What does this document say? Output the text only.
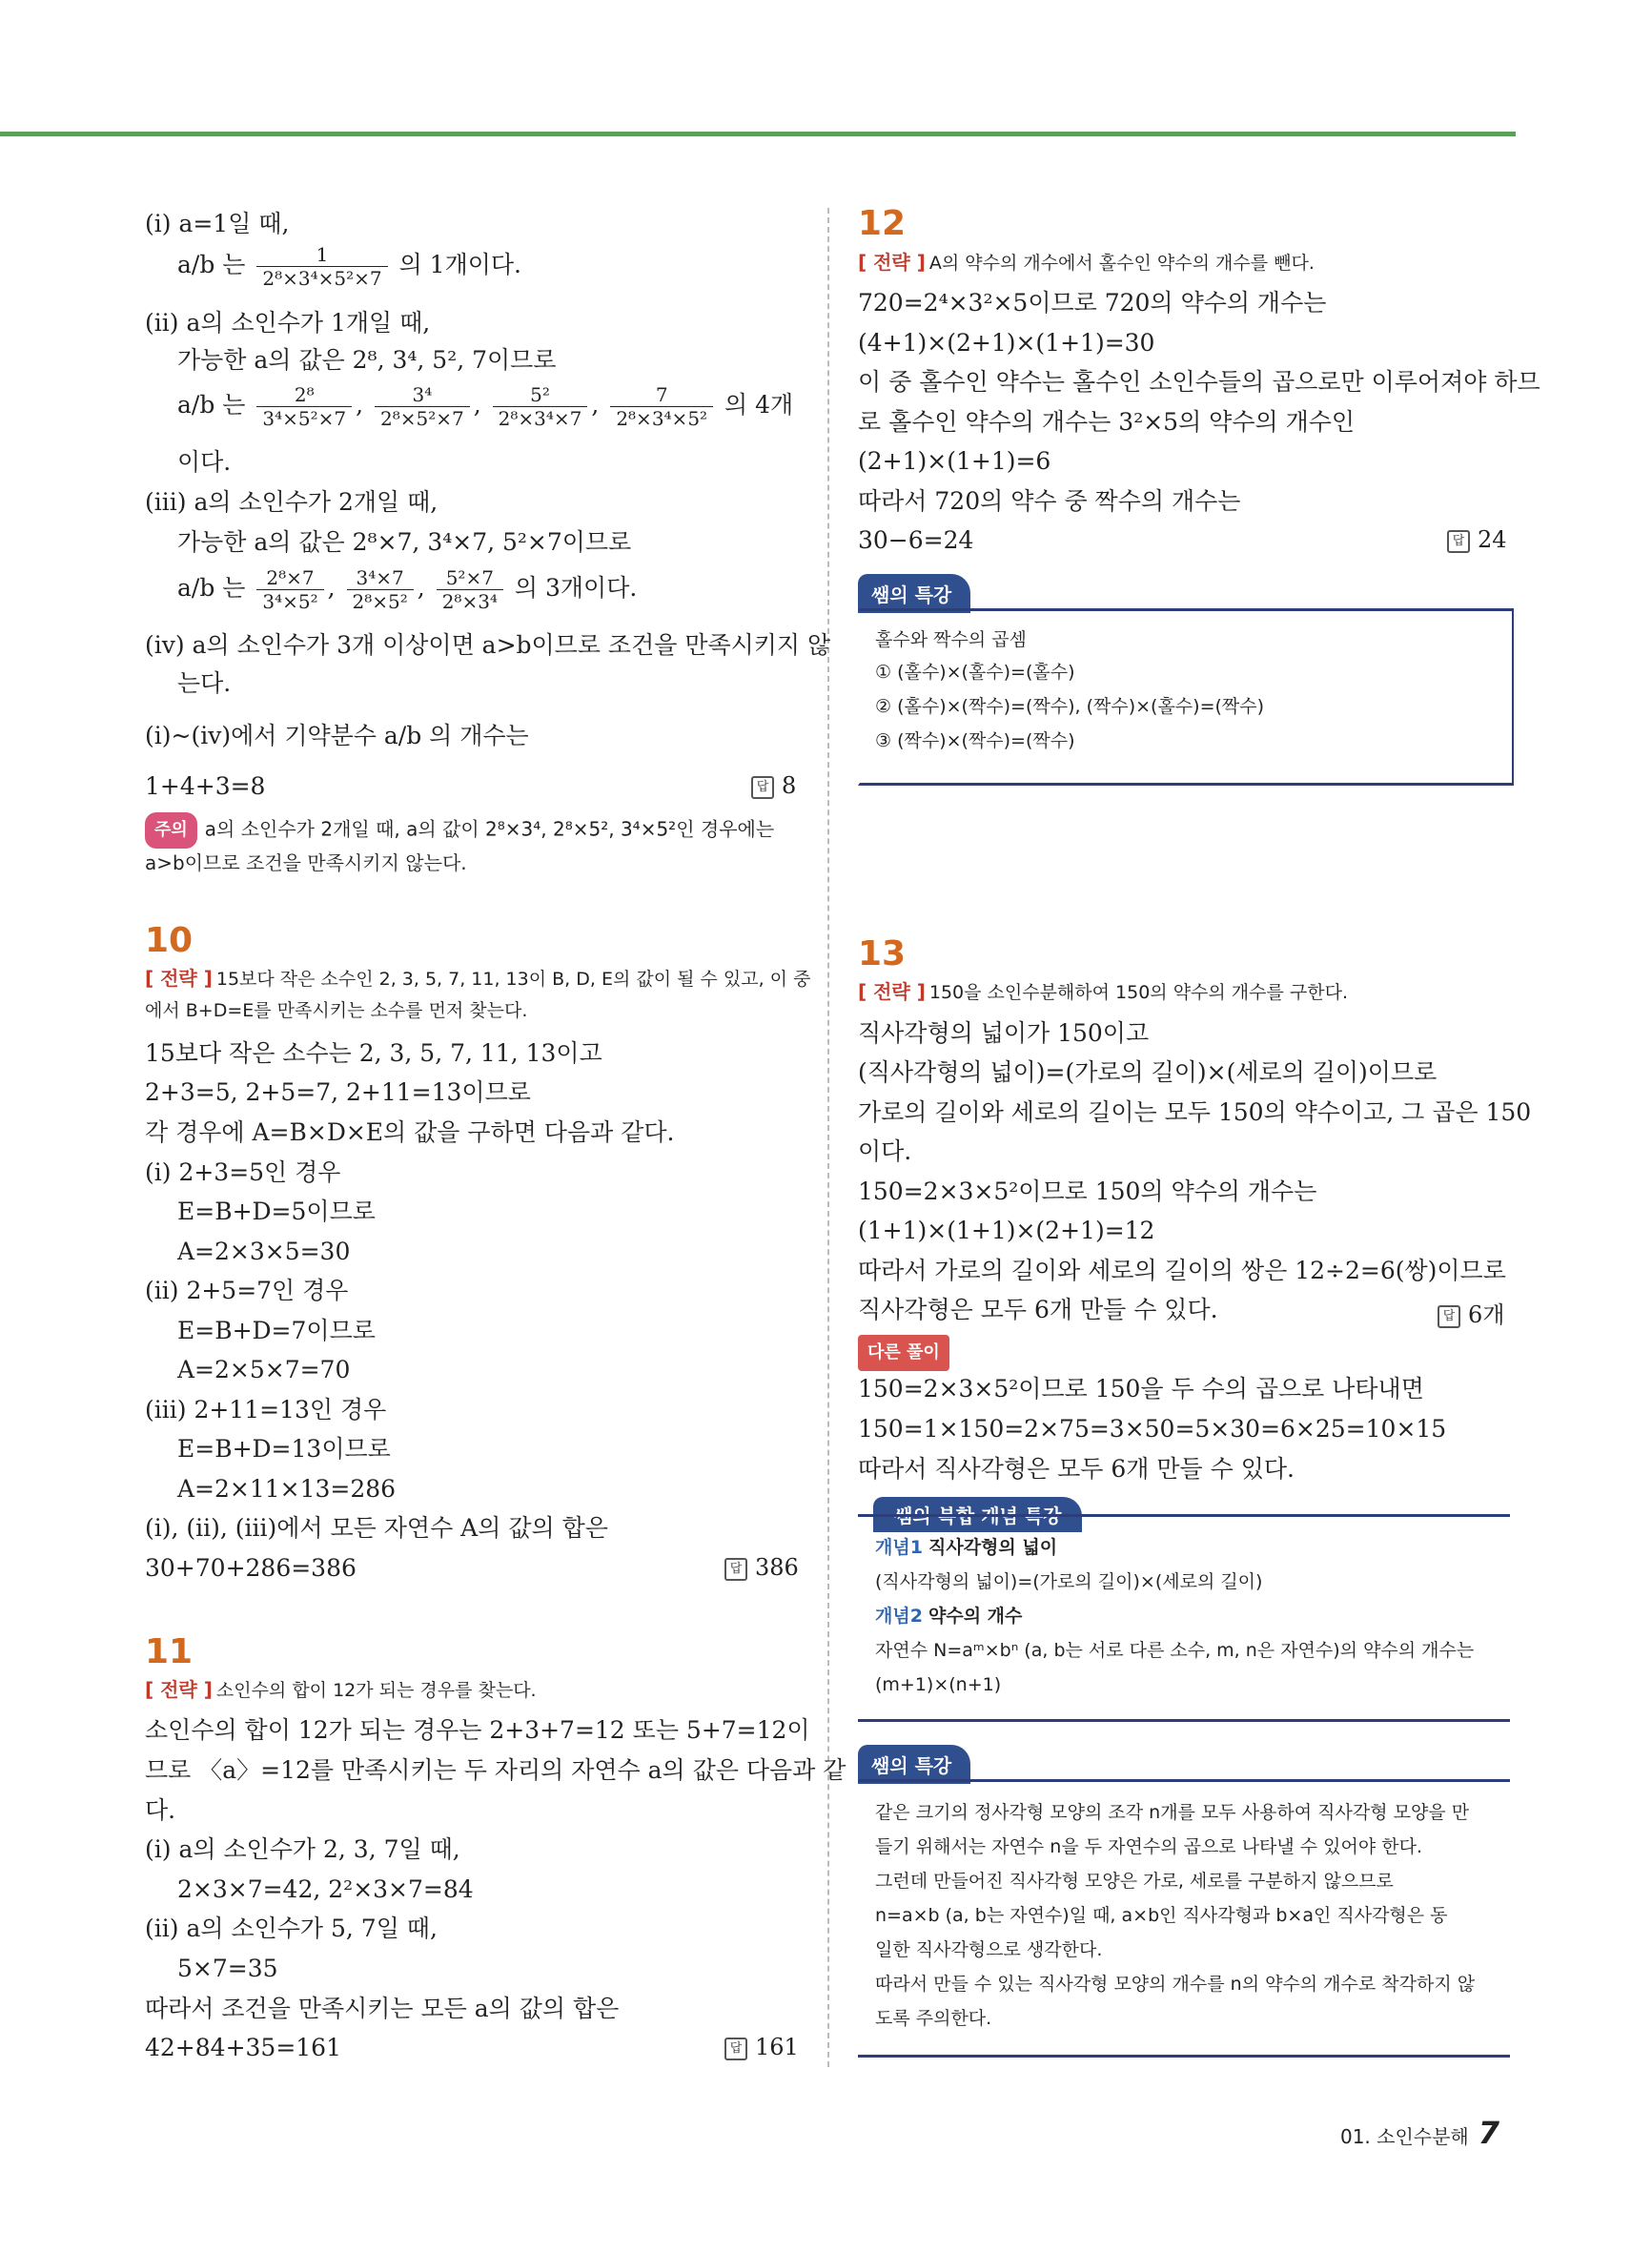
(ⅰ) a=1일 때,
a/b 는 $\frac{1}{\text{2⁸×3⁴×5²×7}}$ 의 1개이다.
(ⅱ) a의 소인수가 1개일 때,
가능한 a의 값은 2⁸, 3⁴, 5², 7이므로
a/b 는 $\frac{\text{2⁸}}{\text{3⁴×5²×7}}$ , $\frac{\text{3⁴}}{\text{2⁸×5²×7}}$ , $\frac{\text{5²}}{\text{2⁸×3⁴×7}}$ , $\frac{7}{\text{2⁸×3⁴×5²}}$ 의 4개
이다.
(ⅲ) a의 소인수가 2개일 때,
가능한 a의 값은 2⁸×7, 3⁴×7, 5²×7이므로
a/b 는 $\frac{\text{2⁸×7}}{\text{3⁴×5²}}$ , $\frac{\text{3⁴×7}}{\text{2⁸×5²}}$ , $\frac{\text{5²×7}}{\text{2⁸×3⁴}}$ 의 3개이다.
(ⅳ) a의 소인수가 3개 이상이면 a>b이므로 조건을 만족시키지 않
는다.
(ⅰ)~(ⅳ)에서 기약분수 a/b 의 개수는
1+4+3=8	답 8
주의 a의 소인수가 2개일 때, a의 값이 2⁸×3⁴, 2⁸×5², 3⁴×5²인 경우에는
a>b이므로 조건을 만족시키지 않는다.
10
[ 전략 ] 15보다 작은 소수인 2, 3, 5, 7, 11, 13이 B, D, E의 값이 될 수 있고, 이 중
에서 B+D=E를 만족시키는 소수를 먼저 찾는다.
15보다 작은 소수는 2, 3, 5, 7, 11, 13이고
2+3=5, 2+5=7, 2+11=13이므로
각 경우에 A=B×D×E의 값을 구하면 다음과 같다.
(ⅰ) 2+3=5인 경우
E=B+D=5이므로
A=2×3×5=30
(ⅱ) 2+5=7인 경우
E=B+D=7이므로
A=2×5×7=70
(ⅲ) 2+11=13인 경우
E=B+D=13이므로
A=2×11×13=286
(ⅰ), (ⅱ), (ⅲ)에서 모든 자연수 A의 값의 합은
30+70+286=386	답 386
11
[ 전략 ] 소인수의 합이 12가 되는 경우를 찾는다.
소인수의 합이 12가 되는 경우는 2+3+7=12 또는 5+7=12이
므로 〈a〉=12를 만족시키는 두 자리의 자연수 a의 값은 다음과 같
다.
(ⅰ) a의 소인수가 2, 3, 7일 때,
2×3×7=42, 2²×3×7=84
(ⅱ) a의 소인수가 5, 7일 때,
5×7=35
따라서 조건을 만족시키는 모든 a의 값의 합은
42+84+35=161	답 161
12
[ 전략 ] A의 약수의 개수에서 홀수인 약수의 개수를 뺀다.
720=2⁴×3²×5이므로 720의 약수의 개수는
(4+1)×(2+1)×(1+1)=30
이 중 홀수인 약수는 홀수인 소인수들의 곱으로만 이루어져야 하므
로 홀수인 약수의 개수는 3²×5의 약수의 개수인
(2+1)×(1+1)=6
따라서 720의 약수 중 짝수의 개수는
30−6=24	답 24
쌤의 특강
홀수와 짝수의 곱셈
① (홀수)×(홀수)=(홀수)
② (홀수)×(짝수)=(짝수), (짝수)×(홀수)=(짝수)
③ (짝수)×(짝수)=(짝수)
13
[ 전략 ] 150을 소인수분해하여 150의 약수의 개수를 구한다.
직사각형의 넓이가 150이고
(직사각형의 넓이)=(가로의 길이)×(세로의 길이)이므로
가로의 길이와 세로의 길이는 모두 150의 약수이고, 그 곱은 150
이다.
150=2×3×5²이므로 150의 약수의 개수는
(1+1)×(1+1)×(2+1)=12
따라서 가로의 길이와 세로의 길이의 쌍은 12÷2=6(쌍)이므로
직사각형은 모두 6개 만들 수 있다.	답 6개
다른 풀이
150=2×3×5²이므로 150을 두 수의 곱으로 나타내면
150=1×150=2×75=3×50=5×30=6×25=10×15
따라서 직사각형은 모두 6개 만들 수 있다.
쌤의 복합 개념 특강
개념1 직사각형의 넓이
(직사각형의 넓이)=(가로의 길이)×(세로의 길이)
개념2 약수의 개수
자연수 N=aᵐ×bⁿ (a, b는 서로 다른 소수, m, n은 자연수)의 약수의 개수는
(m+1)×(n+1)
쌤의 특강
같은 크기의 정사각형 모양의 조각 n개를 모두 사용하여 직사각형 모양을 만
들기 위해서는 자연수 n을 두 자연수의 곱으로 나타낼 수 있어야 한다.
그런데 만들어진 직사각형 모양은 가로, 세로를 구분하지 않으므로
n=a×b (a, b는 자연수)일 때, a×b인 직사각형과 b×a인 직사각형은 동
일한 직사각형으로 생각한다.
따라서 만들 수 있는 직사각형 모양의 개수를 n의 약수의 개수로 착각하지 않
도록 주의한다.
01. 소인수분해 7
